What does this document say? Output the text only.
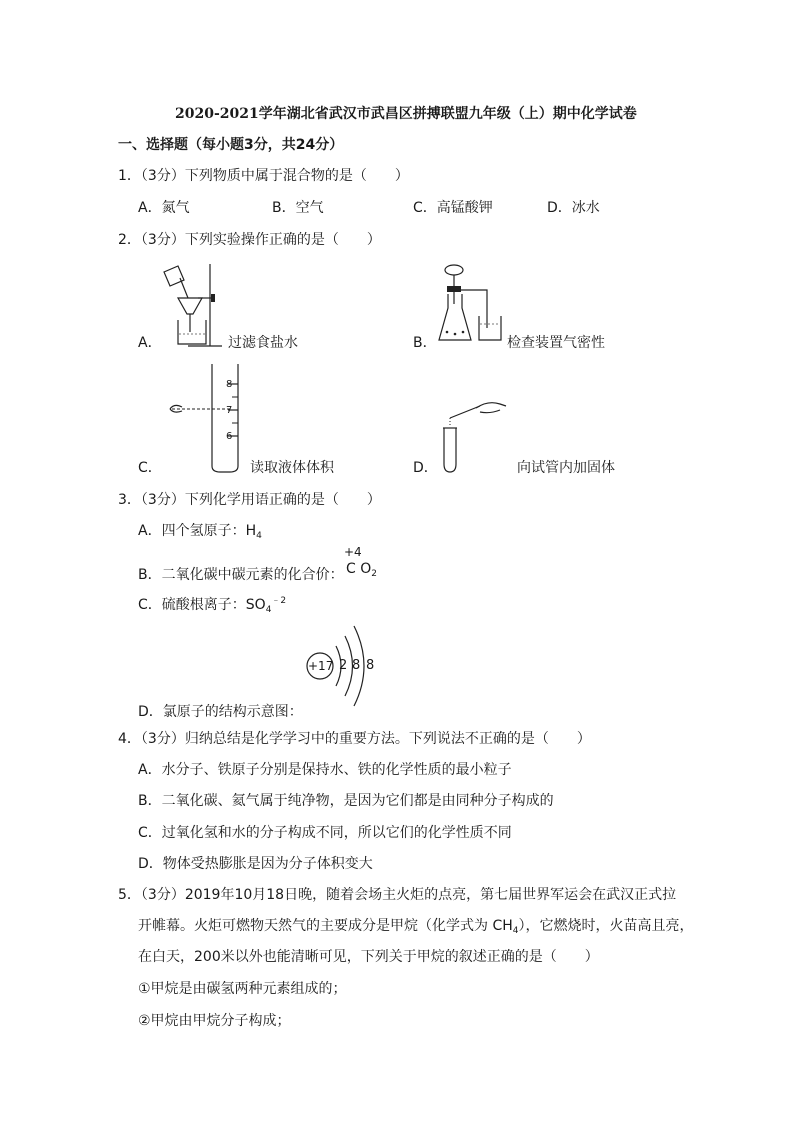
2020-2021学年湖北省武汉市武昌区拼搏联盟九年级（上）期中化学试卷
一、选择题（每小题3分，共24分）
1．（3分）下列物质中属于混合物的是（　　）
A．氮气	B．空气	C．高锰酸钾	D．冰水
2．（3分）下列实验操作正确的是（　　）
A．	过滤食盐水	B．	检查装置气密性
C．
8
7
6
读取液体体积	D．	向试管内加固体
3．（3分）下列化学用语正确的是（　　）
A．四个氢原子：$H_4$
B．二氧化碳中碳元素的化合价：
+4
C $O_2$
C．硫酸根离子：$SO_4^{﹣2}$
+17 2 8 8
D．氯原子的结构示意图：
4．（3分）归纳总结是化学学习中的重要方法。下列说法不正确的是（　　）
A．水分子、铁原子分别是保持水、铁的化学性质的最小粒子
B．二氧化碳、氦气属于纯净物，是因为它们都是由同种分子构成的
C．过氧化氢和水的分子构成不同，所以它们的化学性质不同
D．物体受热膨胀是因为分子体积变大
5．（3分）2019年10月18日晚，随着会场主火炬的点亮，第七届世界军运会在武汉正式拉
开帷幕。火炬可燃物天然气的主要成分是甲烷（化学式为 $CH_4$），它燃烧时，火苗高且亮，
在白天，200米以外也能清晰可见，下列关于甲烷的叙述正确的是（　　）
①甲烷是由碳氢两种元素组成的；
②甲烷由甲烷分子构成；
